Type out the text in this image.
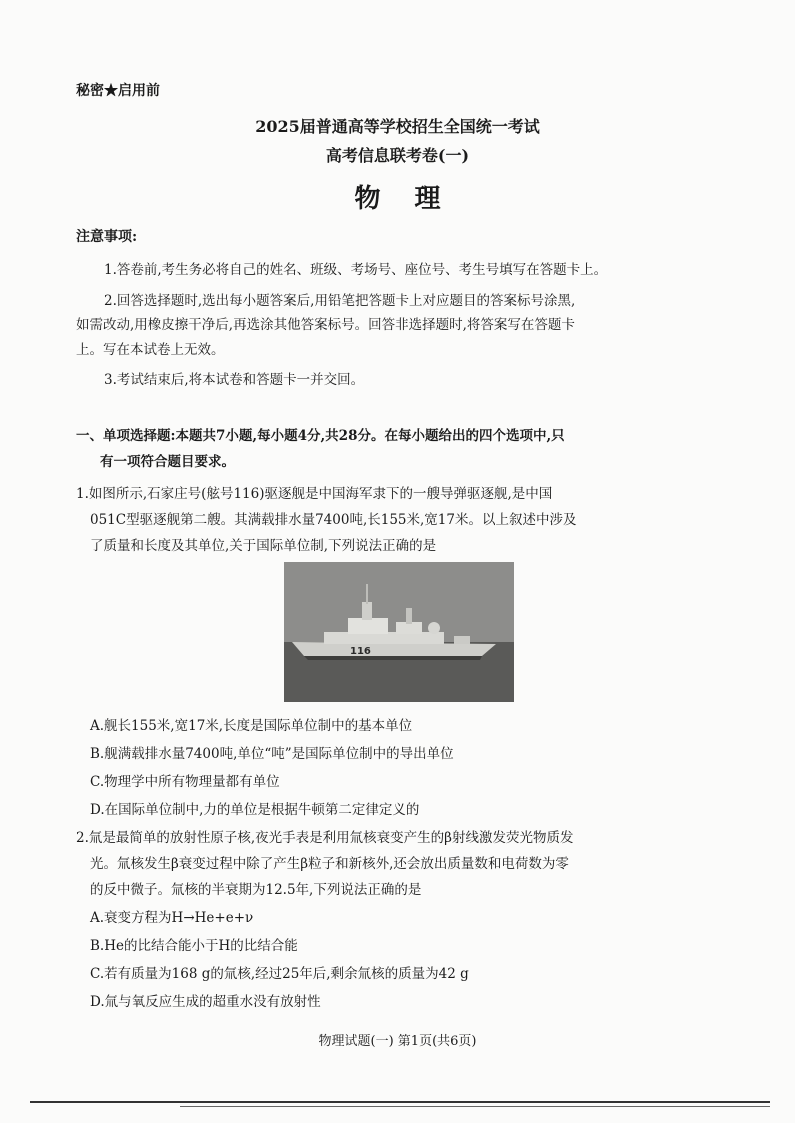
秘密★启用前
2025届普通高等学校招生全国统一考试
高考信息联考卷(一)
物理
注意事项:
1.答卷前,考生务必将自己的姓名、班级、考场号、座位号、考生号填写在答题卡上。
2.回答选择题时,选出每小题答案后,用铅笔把答题卡上对应题目的答案标号涂黑,
如需改动,用橡皮擦干净后,再选涂其他答案标号。回答非选择题时,将答案写在答题卡
上。写在本试卷上无效。
3.考试结束后,将本试卷和答题卡一并交回。
一、单项选择题:本题共7小题,每小题4分,共28分。在每小题给出的四个选项中,只
有一项符合题目要求。
1.如图所示,石家庄号(舷号116)驱逐舰是中国海军隶下的一艘导弹驱逐舰,是中国
051C型驱逐舰第二艘。其满载排水量7400吨,长155米,宽17米。以上叙述中涉及
了质量和长度及其单位,关于国际单位制,下列说法正确的是
116
A.舰长155米,宽17米,长度是国际单位制中的基本单位
B.舰满载排水量7400吨,单位“吨”是国际单位制中的导出单位
C.物理学中所有物理量都有单位
D.在国际单位制中,力的单位是根据牛顿第二定律定义的
2.氚是最简单的放射性原子核,夜光手表是利用氚核衰变产生的β射线激发荧光物质发
光。氚核发生β衰变过程中除了产生β粒子和新核外,还会放出质量数和电荷数为零
的反中微子。氚核的半衰期为12.5年,下列说法正确的是
A.衰变方程为H→He+e+ν
B.He的比结合能小于H的比结合能
C.若有质量为168 g的氚核,经过25年后,剩余氚核的质量为42 g
D.氚与氧反应生成的超重水没有放射性
物理试题(一) 第1页(共6页)
